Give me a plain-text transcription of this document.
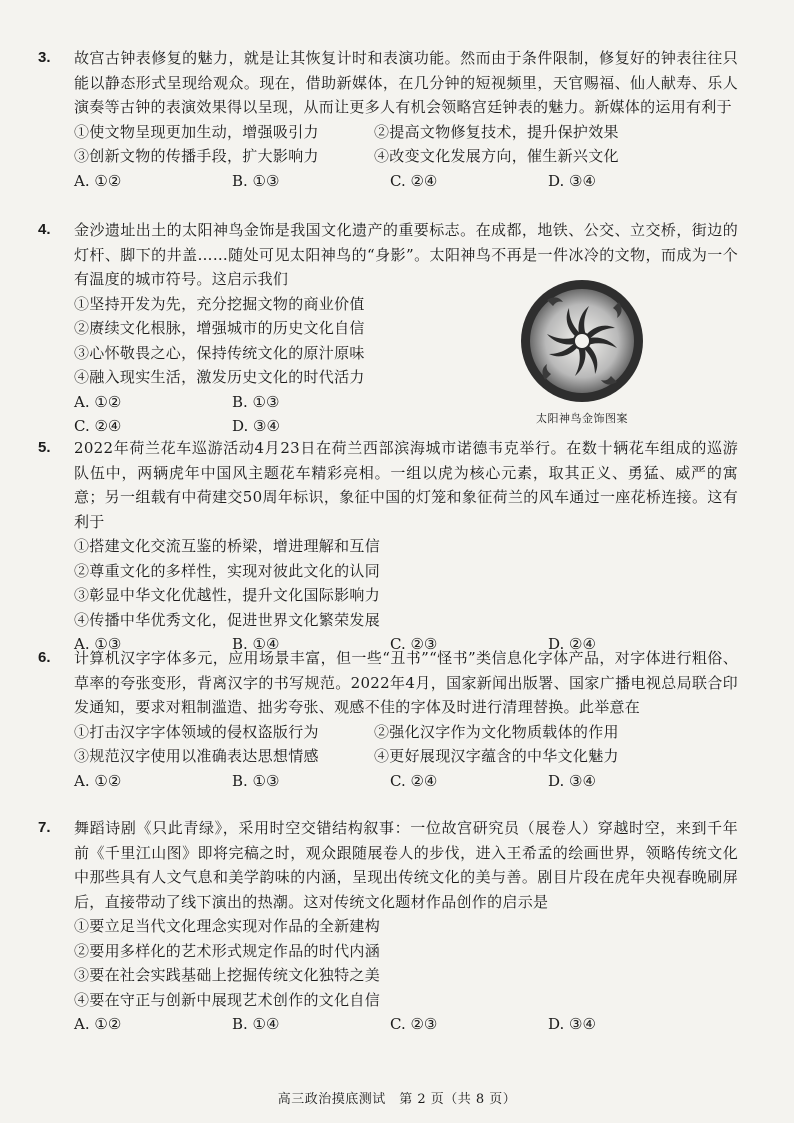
3.	故宫古钟表修复的魅力，就是让其恢复计时和表演功能。然而由于条件限制，修复好的钟表往往只能以静态形式呈现给观众。现在，借助新媒体，在几分钟的短视频里，天官赐福、仙人献寿、乐人演奏等古钟的表演效果得以呈现，从而让更多人有机会领略宫廷钟表的魅力。新媒体的运用有利于
①使文物呈现更加生动，增强吸引力	②提高文物修复技术，提升保护效果
③创新文物的传播手段，扩大影响力	④改变文化发展方向，催生新兴文化
A. ①②	B. ①③	C. ②④	D. ③④
4.	金沙遗址出土的太阳神鸟金饰是我国文化遗产的重要标志。在成都，地铁、公交、立交桥，街边的灯杆、脚下的井盖……随处可见太阳神鸟的“身影”。太阳神鸟不再是一件冰冷的文物，而成为一个有温度的城市符号。这启示我们
①坚持开发为先，充分挖掘文物的商业价值
②赓续文化根脉，增强城市的历史文化自信
③心怀敬畏之心，保持传统文化的原汁原味
④融入现实生活，激发历史文化的时代活力
A. ①②	B. ①③
C. ②④	D. ③④	太阳神鸟金饰图案
5.	2022年荷兰花车巡游活动4月23日在荷兰西部滨海城市诺德韦克举行。在数十辆花车组成的巡游队伍中，两辆虎年中国风主题花车精彩亮相。一组以虎为核心元素，取其正义、勇猛、威严的寓意；另一组载有中荷建交50周年标识，象征中国的灯笼和象征荷兰的风车通过一座花桥连接。这有利于
①搭建文化交流互鉴的桥梁，增进理解和互信
②尊重文化的多样性，实现对彼此文化的认同
③彰显中华文化优越性，提升文化国际影响力
④传播中华优秀文化，促进世界文化繁荣发展
A. ①③	B. ①④	C. ②③	D. ②④
6.	计算机汉字字体多元，应用场景丰富，但一些“丑书”“怪书”类信息化字体产品，对字体进行粗俗、草率的夸张变形，背离汉字的书写规范。2022年4月，国家新闻出版署、国家广播电视总局联合印发通知，要求对粗制滥造、拙劣夸张、观感不佳的字体及时进行清理替换。此举意在
①打击汉字字体领域的侵权盗版行为	②强化汉字作为文化物质载体的作用
③规范汉字使用以准确表达思想情感	④更好展现汉字蕴含的中华文化魅力
A. ①②	B. ①③	C. ②④	D. ③④
7.	舞蹈诗剧《只此青绿》，采用时空交错结构叙事：一位故宫研究员（展卷人）穿越时空，来到千年前《千里江山图》即将完稿之时，观众跟随展卷人的步伐，进入王希孟的绘画世界，领略传统文化中那些具有人文气息和美学韵味的内涵，呈现出传统文化的美与善。剧目片段在虎年央视春晚刷屏后，直接带动了线下演出的热潮。这对传统文化题材作品创作的启示是
①要立足当代文化理念实现对作品的全新建构
②要用多样化的艺术形式规定作品的时代内涵
③要在社会实践基础上挖掘传统文化独特之美
④要在守正与创新中展现艺术创作的文化自信
A. ①②	B. ①④	C. ②③	D. ③④
高三政治摸底测试　第 2 页（共 8 页）
